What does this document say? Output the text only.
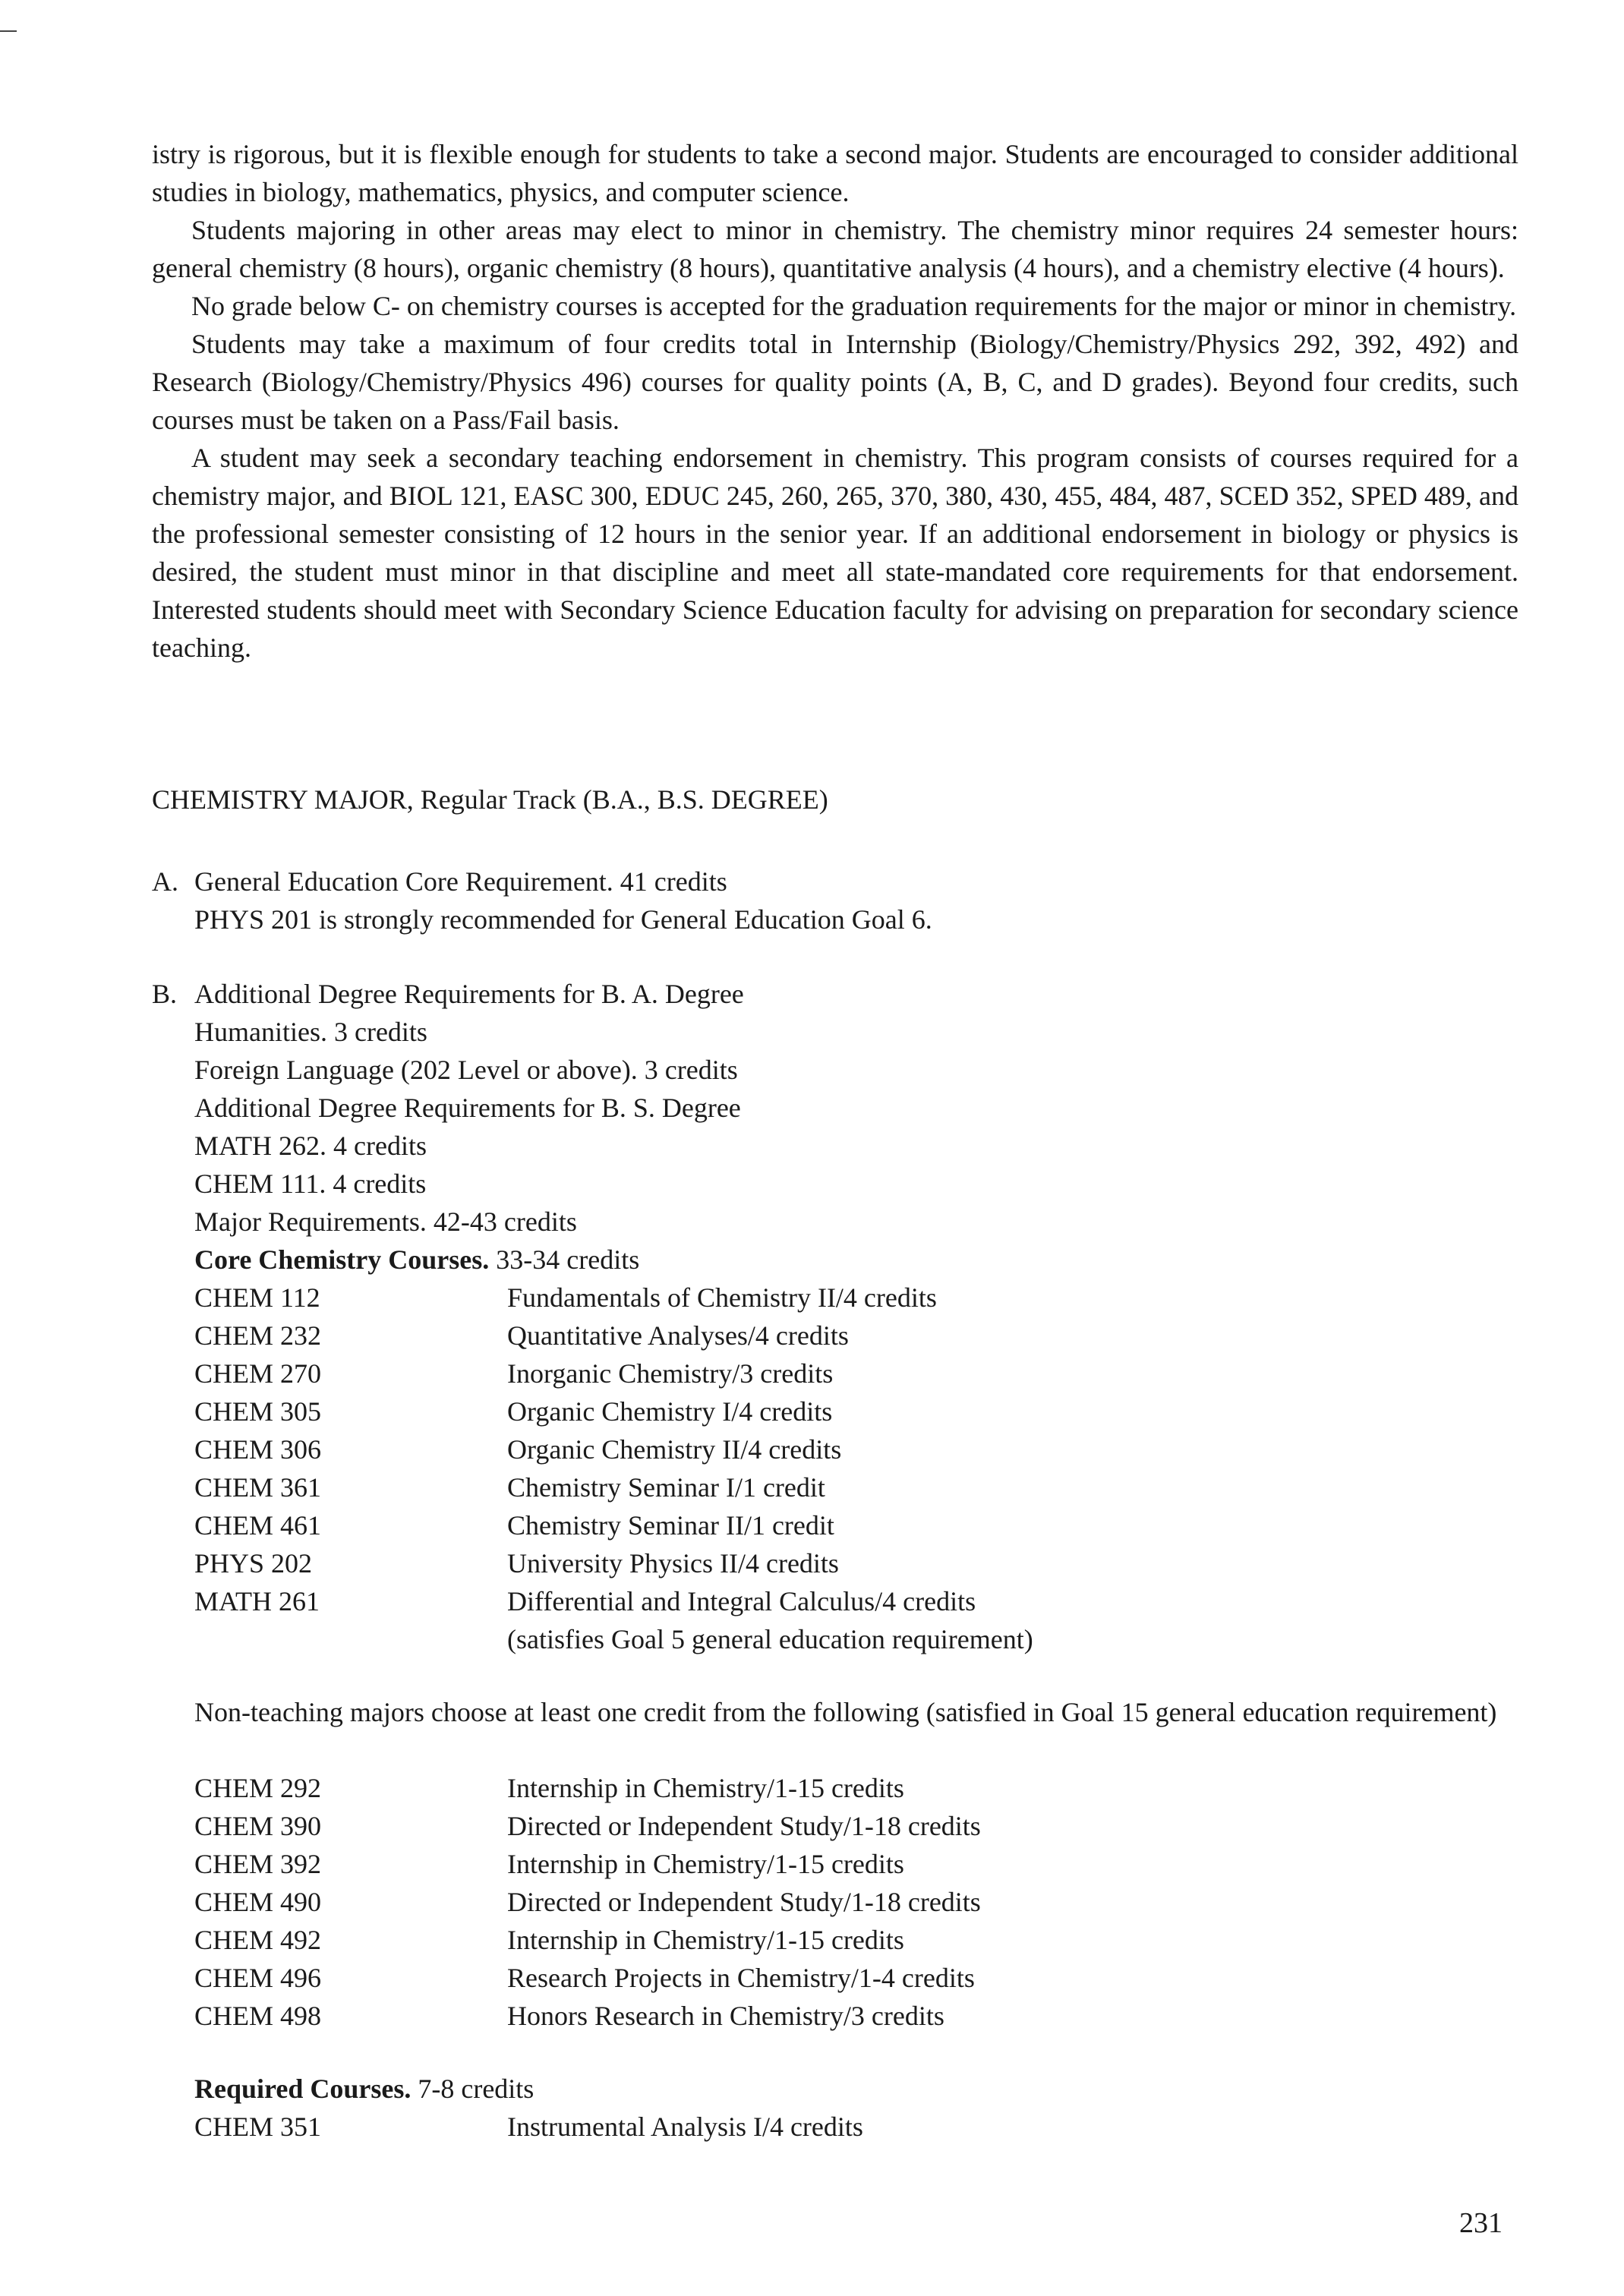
istry is rigorous, but it is flexible enough for students to take a second major. Students are encouraged to consider additional studies in biology, mathematics, physics, and computer science.

Students majoring in other areas may elect to minor in chemistry. The chemistry minor requires 24 semester hours: general chemistry (8 hours), organic chemistry (8 hours), quantitative analysis (4 hours), and a chemistry elective (4 hours).

No grade below C- on chemistry courses is accepted for the graduation requirements for the major or minor in chemistry.

Students may take a maximum of four credits total in Internship (Biology/Chemistry/Physics 292, 392, 492) and Research (Biology/Chemistry/Physics 496) courses for quality points (A, B, C, and D grades). Beyond four credits, such courses must be taken on a Pass/Fail basis.

A student may seek a secondary teaching endorsement in chemistry. This program consists of courses required for a chemistry major, and BIOL 121, EASC 300, EDUC 245, 260, 265, 370, 380, 430, 455, 484, 487, SCED 352, SPED 489, and the professional semester consisting of 12 hours in the senior year. If an additional endorsement in biology or physics is desired, the student must minor in that discipline and meet all state-mandated core requirements for that endorsement. Interested students should meet with Secondary Science Education faculty for advising on preparation for secondary science teaching.

CHEMISTRY MAJOR, Regular Track (B.A., B.S. DEGREE)
A. General Education Core Requirement. 41 credits
PHYS 201 is strongly recommended for General Education Goal 6.
B. Additional Degree Requirements for B. A. Degree
Humanities. 3 credits
Foreign Language (202 Level or above). 3 credits
Additional Degree Requirements for B. S. Degree
MATH 262. 4 credits
CHEM 111. 4 credits
Major Requirements. 42-43 credits
Core Chemistry Courses. 33-34 credits
CHEM 112	Fundamentals of Chemistry II/4 credits
CHEM 232	Quantitative Analyses/4 credits
CHEM 270	Inorganic Chemistry/3 credits
CHEM 305	Organic Chemistry I/4 credits
CHEM 306	Organic Chemistry II/4 credits
CHEM 361	Chemistry Seminar I/1 credit
CHEM 461	Chemistry Seminar II/1 credit
PHYS 202	University Physics II/4 credits
MATH 261	Differential and Integral Calculus/4 credits
(satisfies Goal 5 general education requirement)

Non-teaching majors choose at least one credit from the following (satisfied in Goal 15 general education requirement)

CHEM 292	Internship in Chemistry/1-15 credits
CHEM 390	Directed or Independent Study/1-18 credits
CHEM 392	Internship in Chemistry/1-15 credits
CHEM 490	Directed or Independent Study/1-18 credits
CHEM 492	Internship in Chemistry/1-15 credits
CHEM 496	Research Projects in Chemistry/1-4 credits
CHEM 498	Honors Research in Chemistry/3 credits
Required Courses.
7-8 credits
CHEM 351	Instrumental Analysis I/4 credits
231
